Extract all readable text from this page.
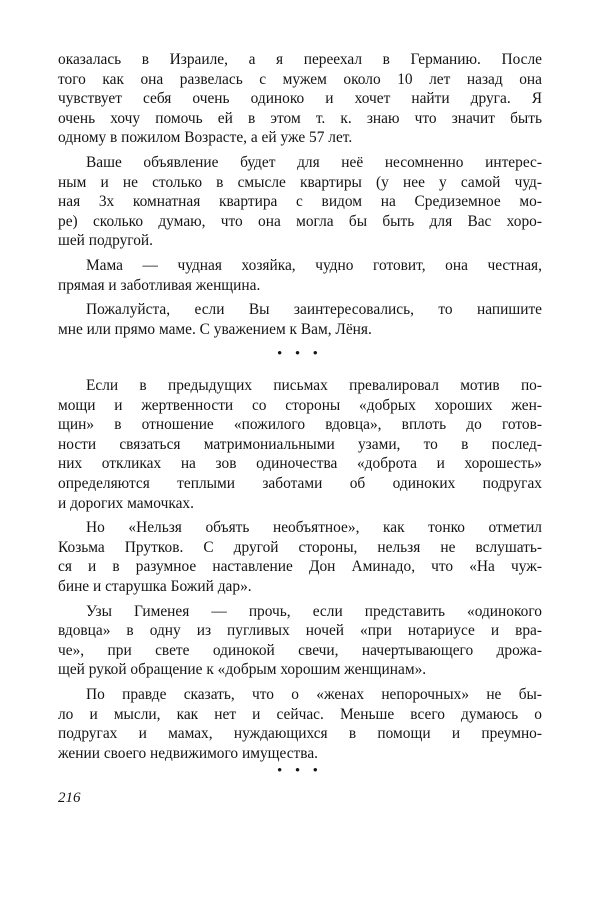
оказалась в Израиле, а я переехал в Германию. После
того как она развелась с мужем около 10 лет назад она
чувствует себя очень одиноко и хочет найти друга. Я
очень хочу помочь ей в этом т. к. знаю что значит быть
одному в пожилом Возрасте, а ей уже 57 лет.

Ваше объявление будет для неё несомненно интерес-
ным и не столько в смысле квартиры (у нее у самой чуд-
ная 3х комнатная квартира с видом на Средиземное мо-
ре) сколько думаю, что она могла бы быть для Вас хоро-
шей подругой.

Мама — чудная хозяйка, чудно готовит, она честная,
прямая и заботливая женщина.

Пожалуйста, если Вы заинтересовались, то напишите
мне или прямо маме. С уважением к Вам, Лёня.

• • •

Если в предыдущих письмах превалировал мотив по-
мощи и жертвенности со стороны «добрых хороших жен-
щин» в отношение «пожилого вдовца», вплоть до готов-
ности связаться матримониальными узами, то в послед-
них откликах на зов одиночества «доброта и хорошесть»
определяются теплыми заботами об одиноких подругах
и дорогих мамочках.

Но «Нельзя объять необъятное», как тонко отметил
Козьма Прутков. С другой стороны, нельзя не вслушать-
ся и в разумное наставление Дон Аминадо, что «На чуж-
бине и старушка Божий дар».

Узы Гименея — прочь, если представить «одинокого
вдовца» в одну из пугливых ночей «при нотариусе и вра-
че», при свете одинокой свечи, начертывающего дрожа-
щей рукой обращение к «добрым хорошим женщинам».

По правде сказать, что о «женах непорочных» не бы-
ло и мысли, как нет и сейчас. Меньше всего думаюсь о
подругах и мамах, нуждающихся в помощи и преумно-
жении своего недвижимого имущества.

• • •
216
